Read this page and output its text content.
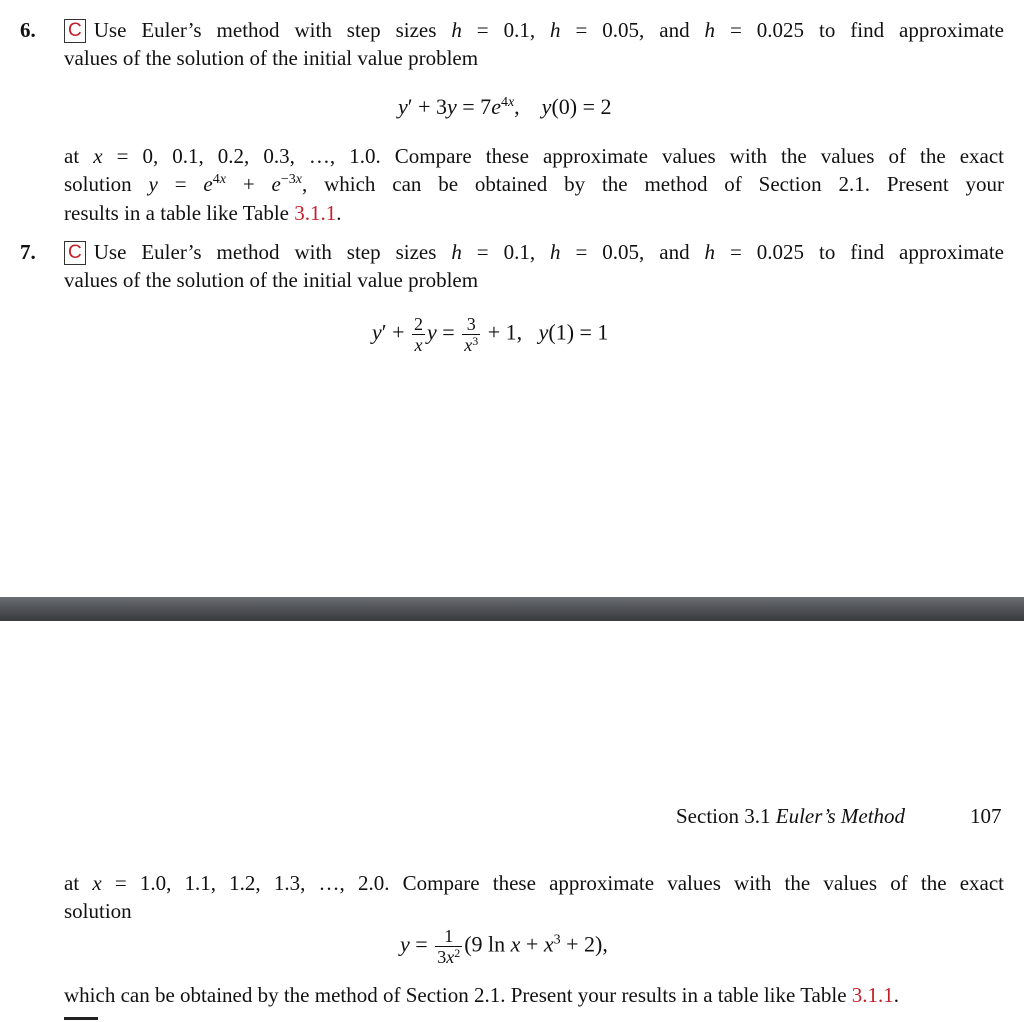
6. C Use Euler’s method with step sizes h = 0.1, h = 0.05, and h = 0.025 to find approximate
values of the solution of the initial value problem
$y' + 3y = 7e^{4x}$,    y(0) = 2
at x = 0, 0.1, 0.2, 0.3, …, 1.0. Compare these approximate values with the values of the exact
solution $y = e^{4x} + e^{-3x}$, which can be obtained by the method of Section 2.1. Present your
results in a table like Table 3.1.1.
7. C Use Euler’s method with step sizes h = 0.1, h = 0.05, and h = 0.025 to find approximate
values of the solution of the initial value problem
$y' + \frac{2}{x}$ $y = \frac{3}{x^3} + 1$,   y(1) = 1
Section 3.1 Euler’s Method	107
at x = 1.0, 1.1, 1.2, 1.3, …, 2.0. Compare these approximate values with the values of the exact
solution
$y = \frac{1}{3x^2} (9$ $\ln x + x^3 + 2$),
which can be obtained by the method of Section 2.1. Present your results in a table like Table 3.1.1.
